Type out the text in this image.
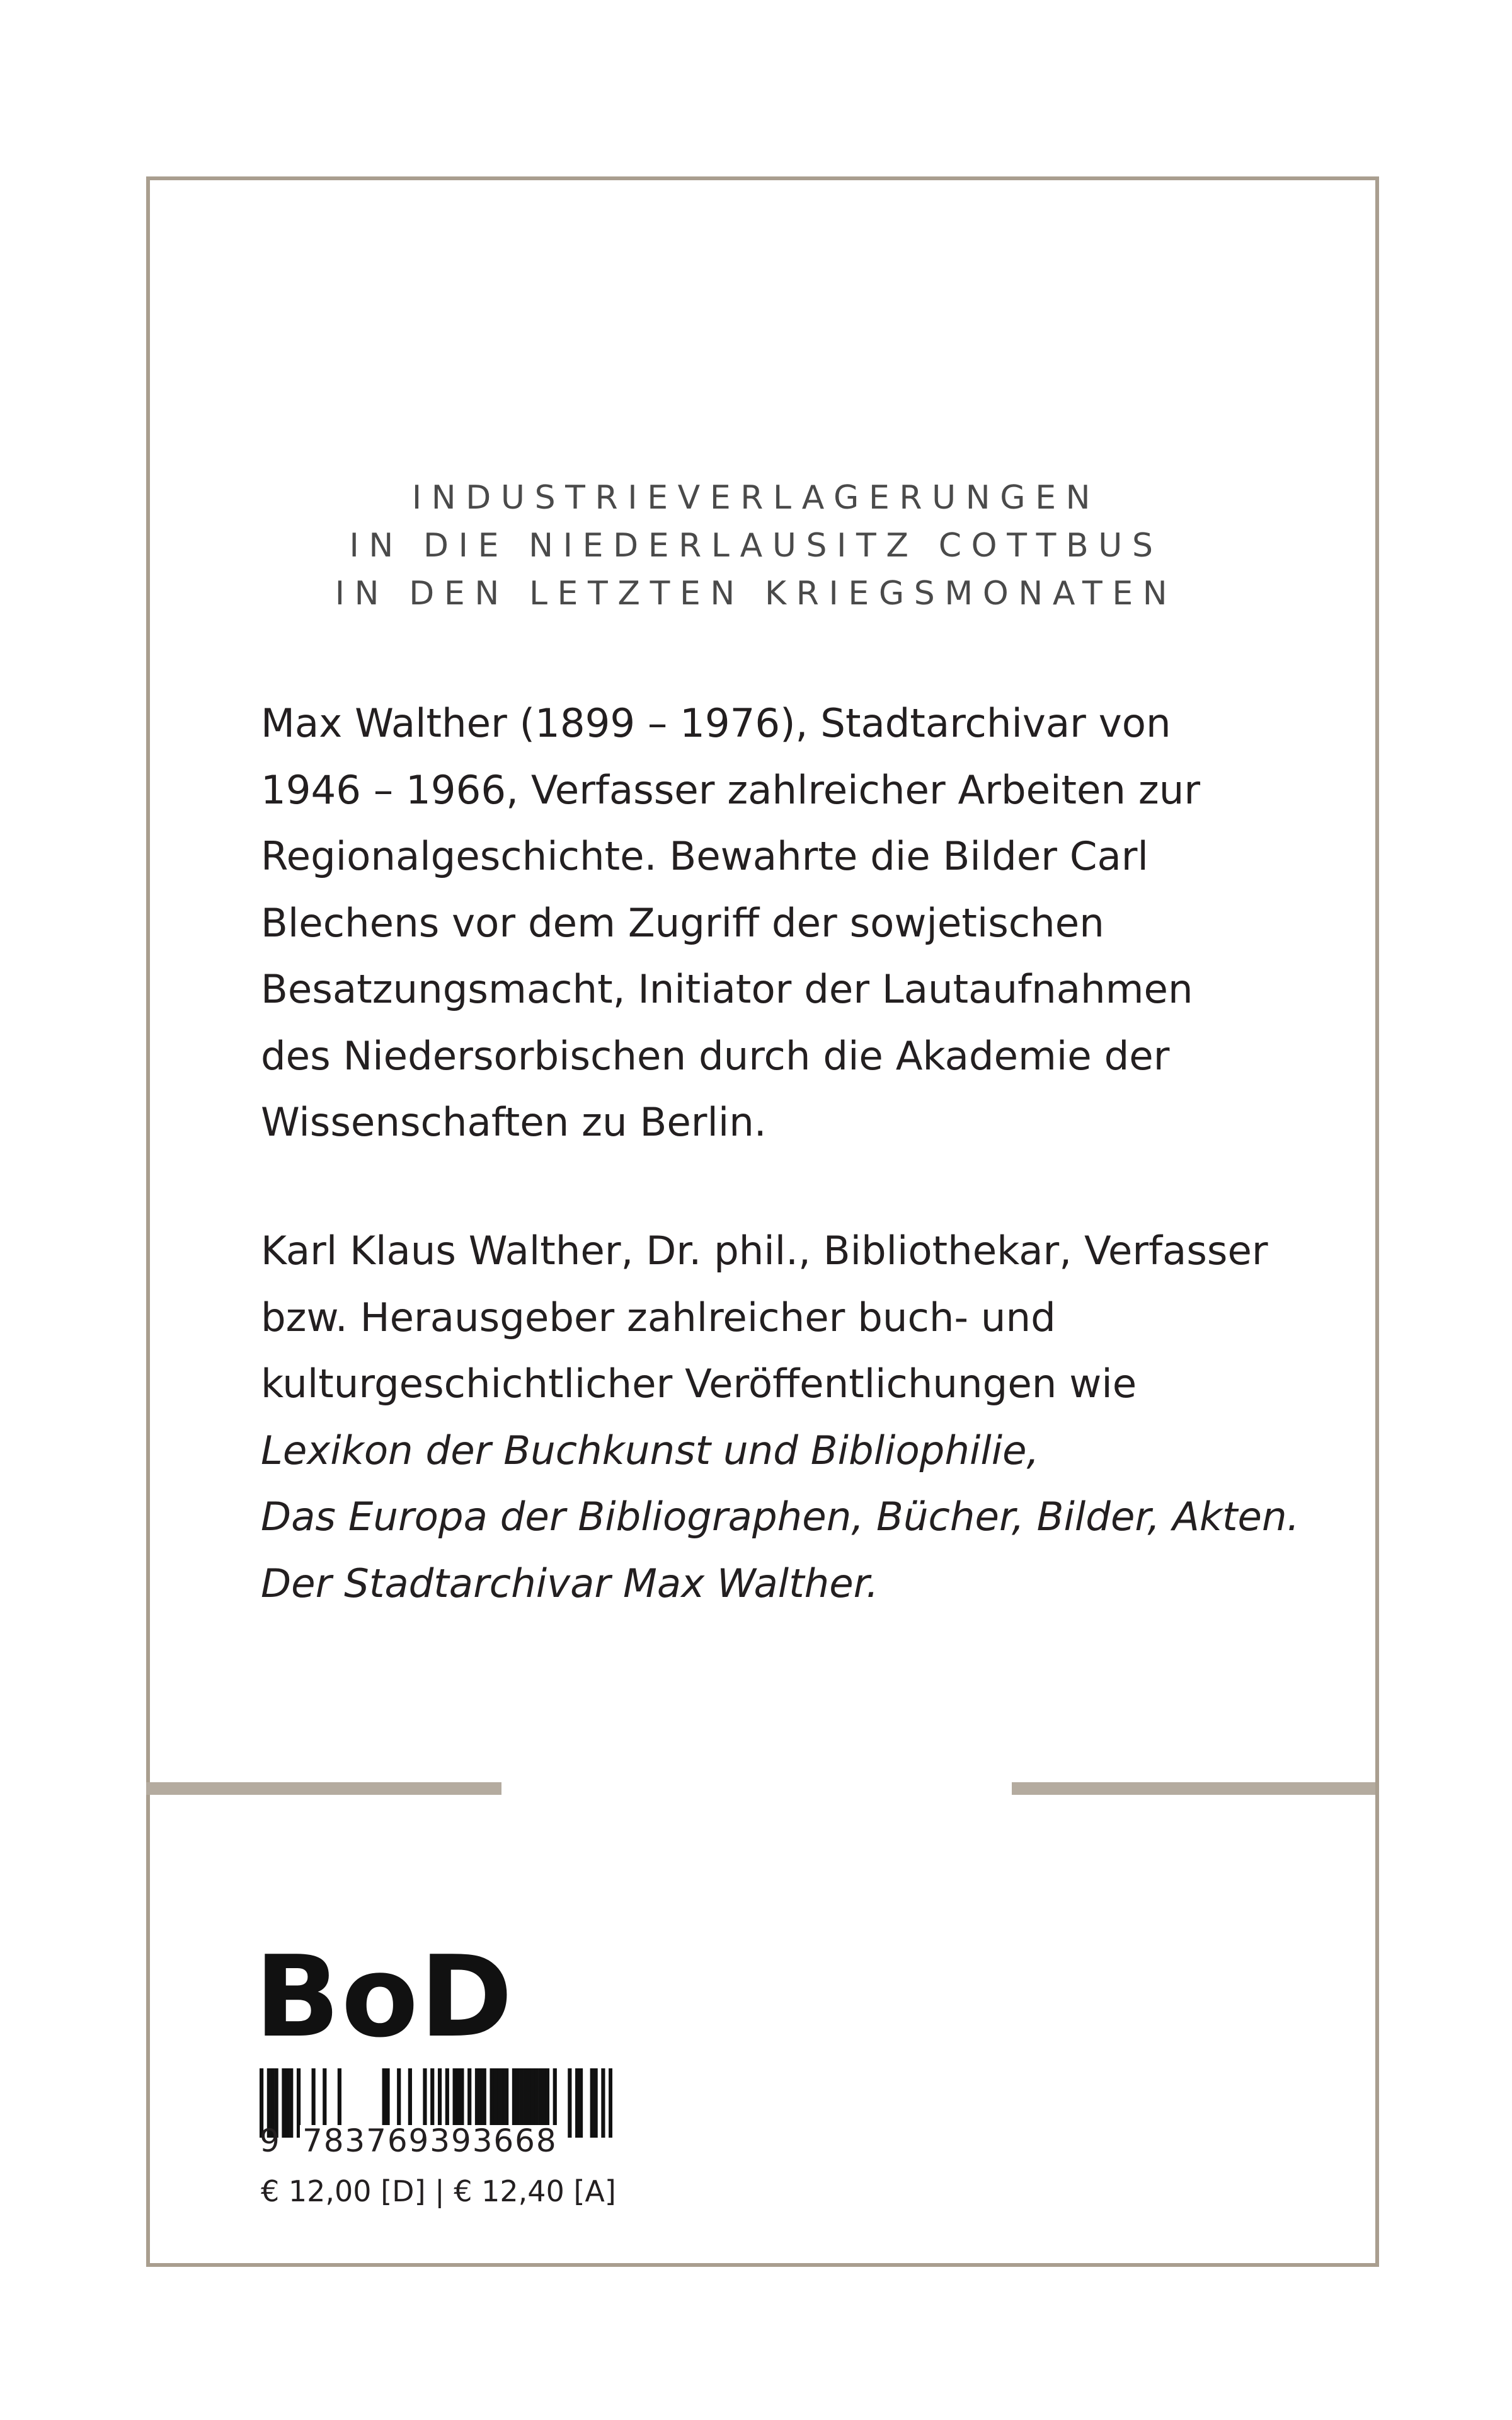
INDUSTRIEVERLAGERUNGEN
IN DIE NIEDERLAUSITZ COTTBUS
IN DEN LETZTEN KRIEGSMONATEN
Max Walther (1899 – 1976), Stadtarchivar von
1946 – 1966, Verfasser zahlreicher Arbeiten zur
Regionalgeschichte. Bewahrte die Bilder Carl
Blechens vor dem Zugriff der sowjetischen
Besatzungsmacht, Initiator der Lautaufnahmen
des Niedersorbischen durch die Akademie der
Wissenschaften zu Berlin.
Karl Klaus Walther, Dr. phil., Bibliothekar, Verfasser
bzw. Herausgeber zahlreicher buch- und
kulturgeschichtlicher Veröffentlichungen wie
Lexikon der Buchkunst und Bibliophilie,
Das Europa der Bibliographen, Bücher, Bilder, Akten.
Der Stadtarchivar Max Walther.
BoD
9 783769393668
€ 12,00 [D] | € 12,40 [A]
